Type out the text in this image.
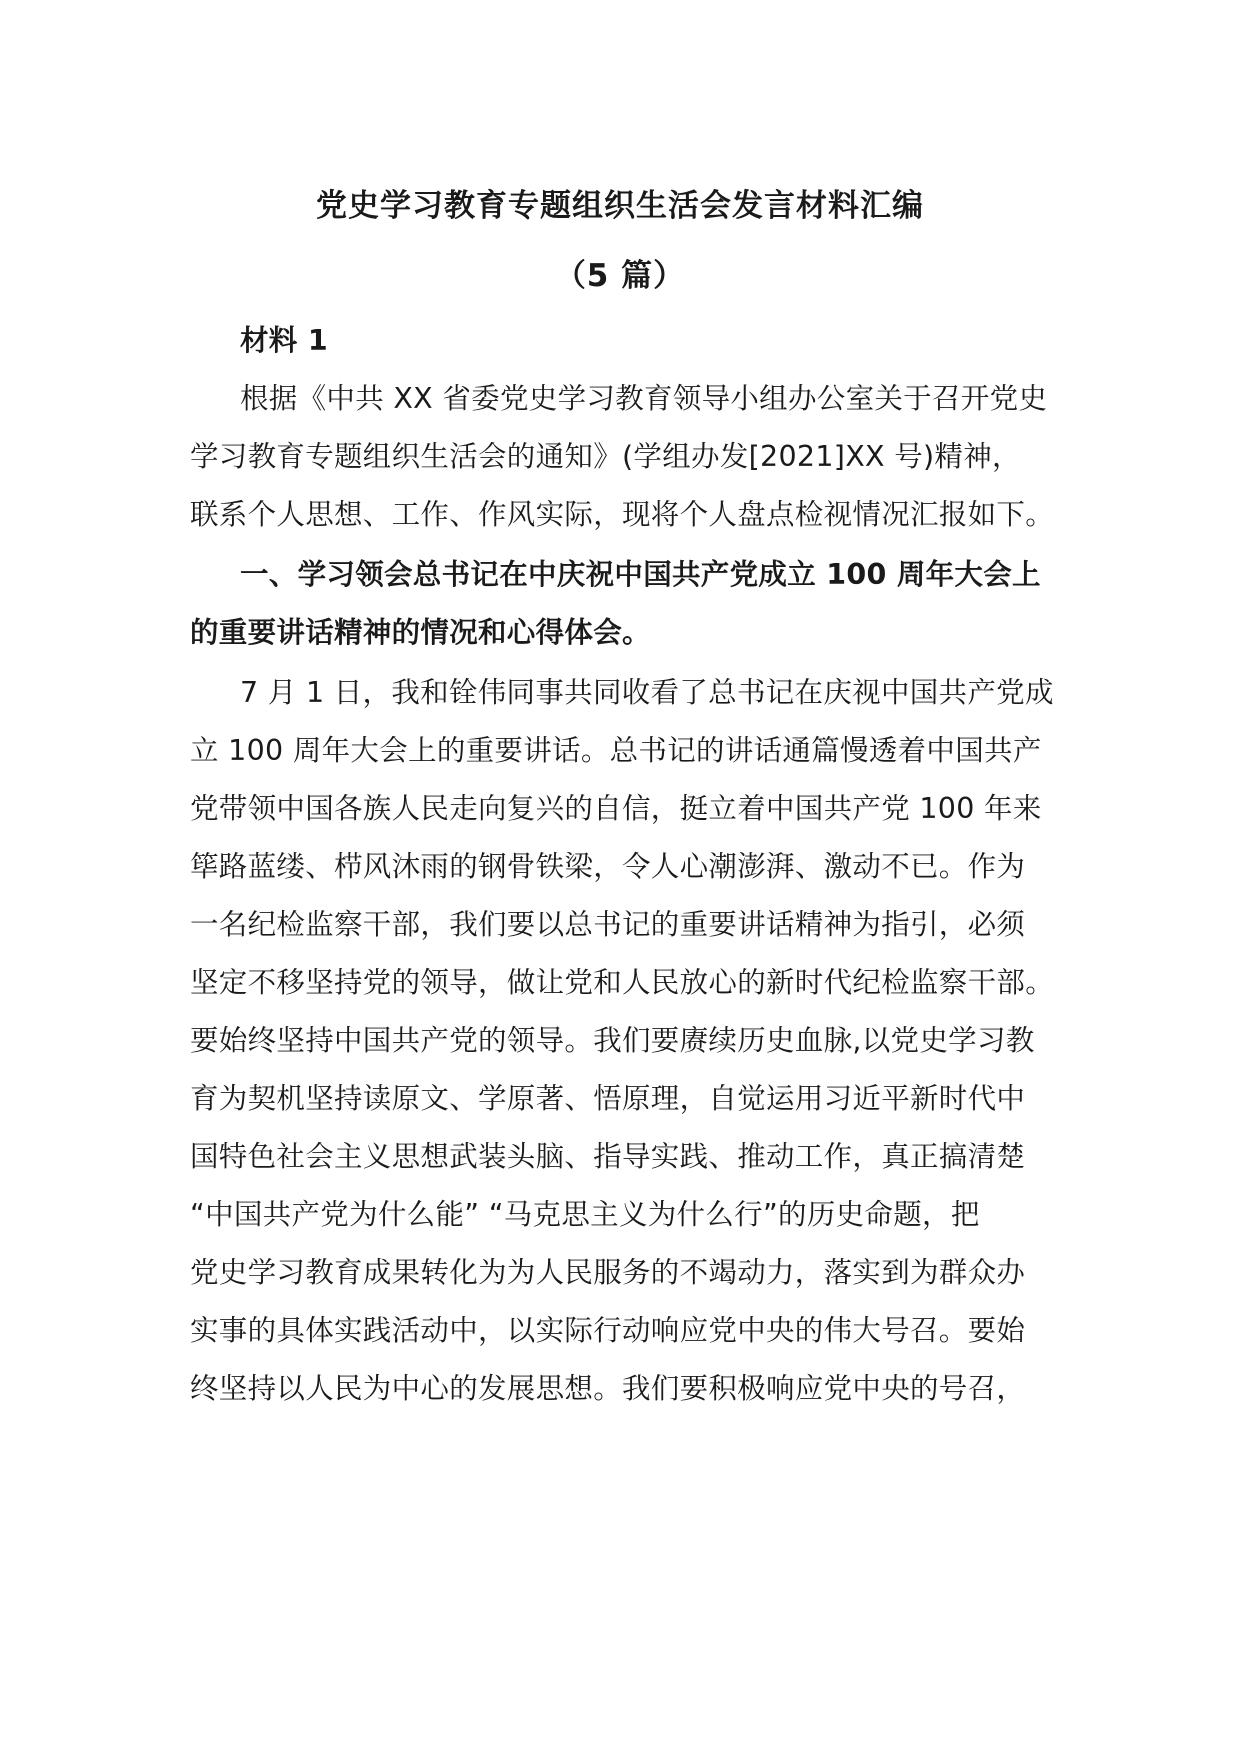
党史学习教育专题组织生活会发言材料汇编
（5 篇）
材料 1
根据《中共 XX 省委党史学习教育领导小组办公室关于召开党史
学习教育专题组织生活会的通知》(学组办发[2021]XX 号)精神，
联系个人思想、工作、作风实际，现将个人盘点检视情况汇报如下。
一、学习领会总书记在中庆祝中国共产党成立 100 周年大会上
的重要讲话精神的情况和心得体会。
7 月 1 日，我和铨伟同事共同收看了总书记在庆视中国共产党成
立 100 周年大会上的重要讲话。总书记的讲话通篇慢透着中国共产
党带领中国各族人民走向复兴的自信，挺立着中国共产党 100 年来
筚路蓝缕、栉风沐雨的钢骨铁梁，令人心潮澎湃、激动不已。作为
一名纪检监察干部，我们要以总书记的重要讲话精神为指引，必须
坚定不移坚持党的领导，做让党和人民放心的新时代纪检监察干部。
要始终坚持中国共产党的领导。我们要赓续历史血脉,以党史学习教
育为契机坚持读原文、学原著、悟原理，自觉运用习近平新时代中
国特色社会主义思想武装头脑、指导实践、推动工作，真正搞清楚
“中国共产党为什么能” “马克思主义为什么行”的历史命题，把
党史学习教育成果转化为为人民服务的不竭动力，落实到为群众办
实事的具体实践活动中，以实际行动响应党中央的伟大号召。要始
终坚持以人民为中心的发展思想。我们要积极响应党中央的号召，
